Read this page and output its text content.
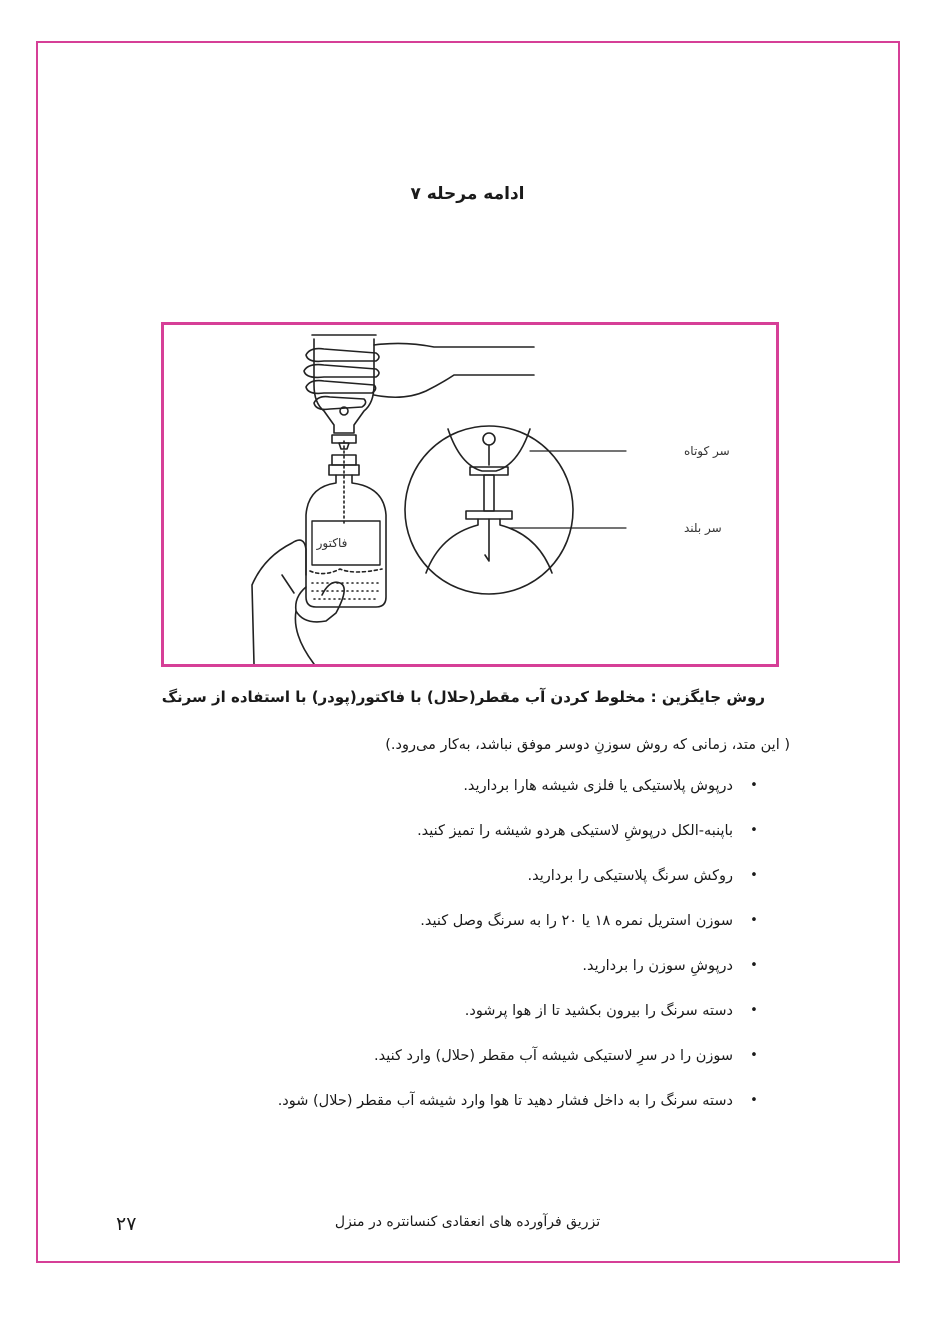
ادامه مرحله ۷
فاکتور
سر کوتاه
سر بلند
روش جایگزین : مخلوط کردن آب مقطر(حلال) با فاکتور(پودر) با استفاده از سرنگ
( این متد، زمانی که روش سوزنِ دوسر موفق نباشد، به‌کار می‌رود.)
•
درپوش پلاستیکی یا فلزی شیشه هارا بردارید.
•
باپنبه-الکل درپوشِ لاستیکی هردو شیشه را تمیز کنید.
•
روکش سرنگ پلاستیکی را بردارید.
•
سوزن استریل نمره ۱۸ یا ۲۰ را به سرنگ وصل کنید.
•
درپوشِ سوزن را بردارید.
•
دسته سرنگ را بیرون بکشید تا از هوا پرشود.
•
سوزن را در سرِ لاستیکی شیشه آب مقطر (حلال) وارد کنید.
•
دسته سرنگ را به داخل فشار دهید تا هوا وارد شیشه آب مقطر (حلال) شود.
تزریق فرآورده های انعقادی کنسانتره در منزل
۲۷
